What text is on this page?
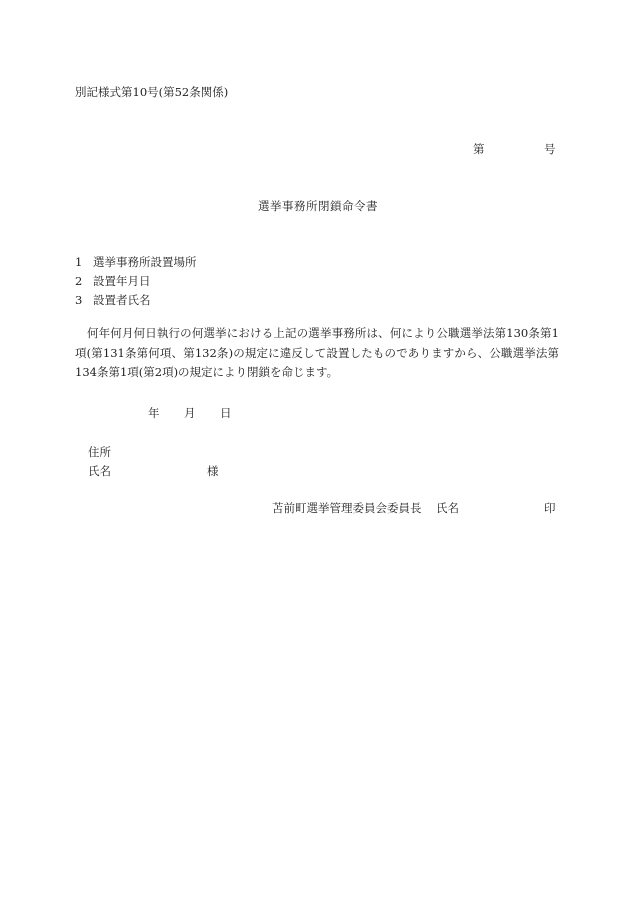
別記様式第10号(第52条関係)
第	号
選挙事務所閉鎖命令書
1 選挙事務所設置場所
2 設置年月日
3 設置者氏名
何年何月何日執行の何選挙における上記の選挙事務所は、何により公職選挙法第130条第1項(第131条第何項、第132条)の規定に違反して設置したものでありますから、公職選挙法第134条第1項(第2項)の規定により閉鎖を命じます。
年 月 日
住所
氏名	様
苫前町選挙管理委員会委員長 氏名	印
